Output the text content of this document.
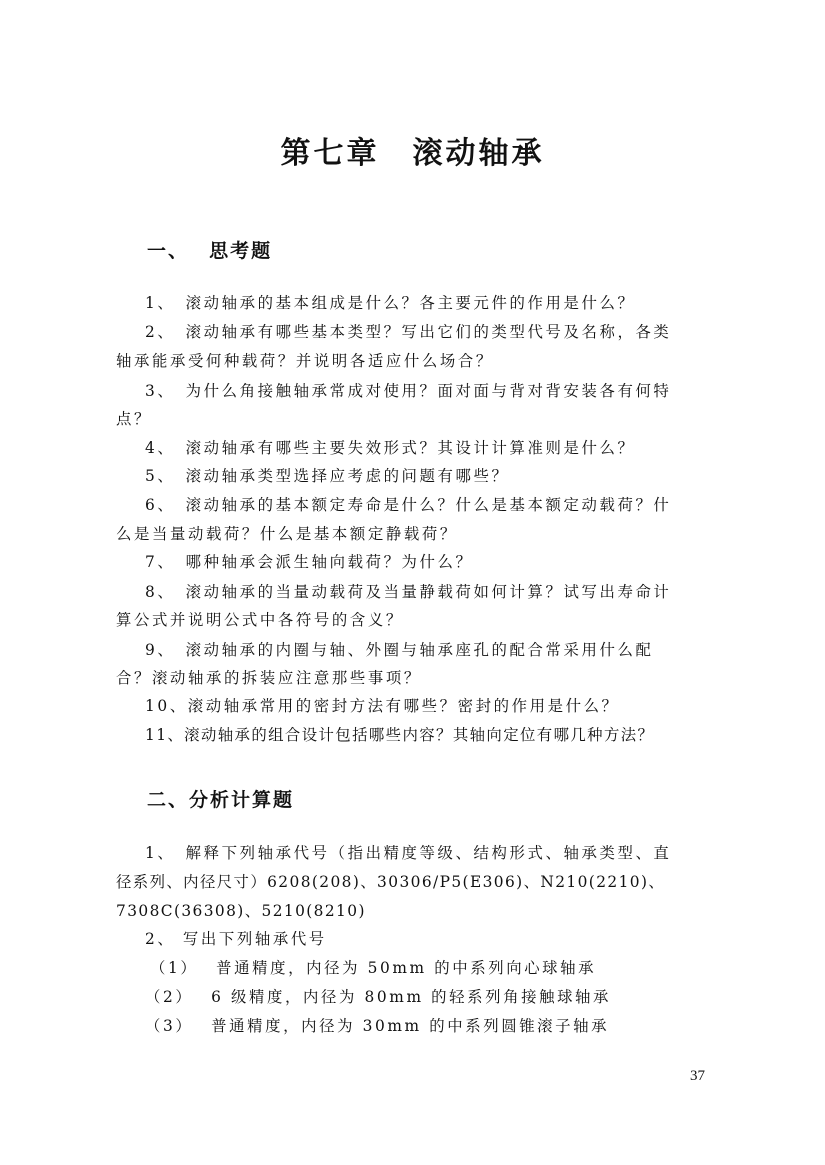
第七章　滚动轴承
一、　 思考题
1、　滚动轴承的基本组成是什么？各主要元件的作用是什么？
2、　滚动轴承有哪些基本类型？写出它们的类型代号及名称，各类
轴承能承受何种载荷？并说明各适应什么场合？
3、　为什么角接触轴承常成对使用？面对面与背对背安装各有何特
点？
4、　滚动轴承有哪些主要失效形式？其设计计算准则是什么？
5、　滚动轴承类型选择应考虑的问题有哪些？
6、　滚动轴承的基本额定寿命是什么？什么是基本额定动载荷？什
么是当量动载荷？什么是基本额定静载荷？
7、　哪种轴承会派生轴向载荷？为什么？
8、　滚动轴承的当量动载荷及当量静载荷如何计算？试写出寿命计
算公式并说明公式中各符号的含义？
9、　滚动轴承的内圈与轴、外圈与轴承座孔的配合常采用什么配
合？滚动轴承的拆装应注意那些事项？
10、滚动轴承常用的密封方法有哪些？密封的作用是什么？
11、滚动轴承的组合设计包括哪些内容？其轴向定位有哪几种方法？
二、分析计算题
1、　解释下列轴承代号（指出精度等级、结构形式、轴承类型、直
径系列、内径尺寸）6208(208)、30306/P5(E306)、N210(2210)、
7308C(36308)、5210(8210)
2、 写出下列轴承代号
（1）　 普通精度，内径为 50mm 的中系列向心球轴承
（2）　 6 级精度，内径为 80mm 的轻系列角接触球轴承
（3）　 普通精度，内径为 30mm 的中系列圆锥滚子轴承
37
